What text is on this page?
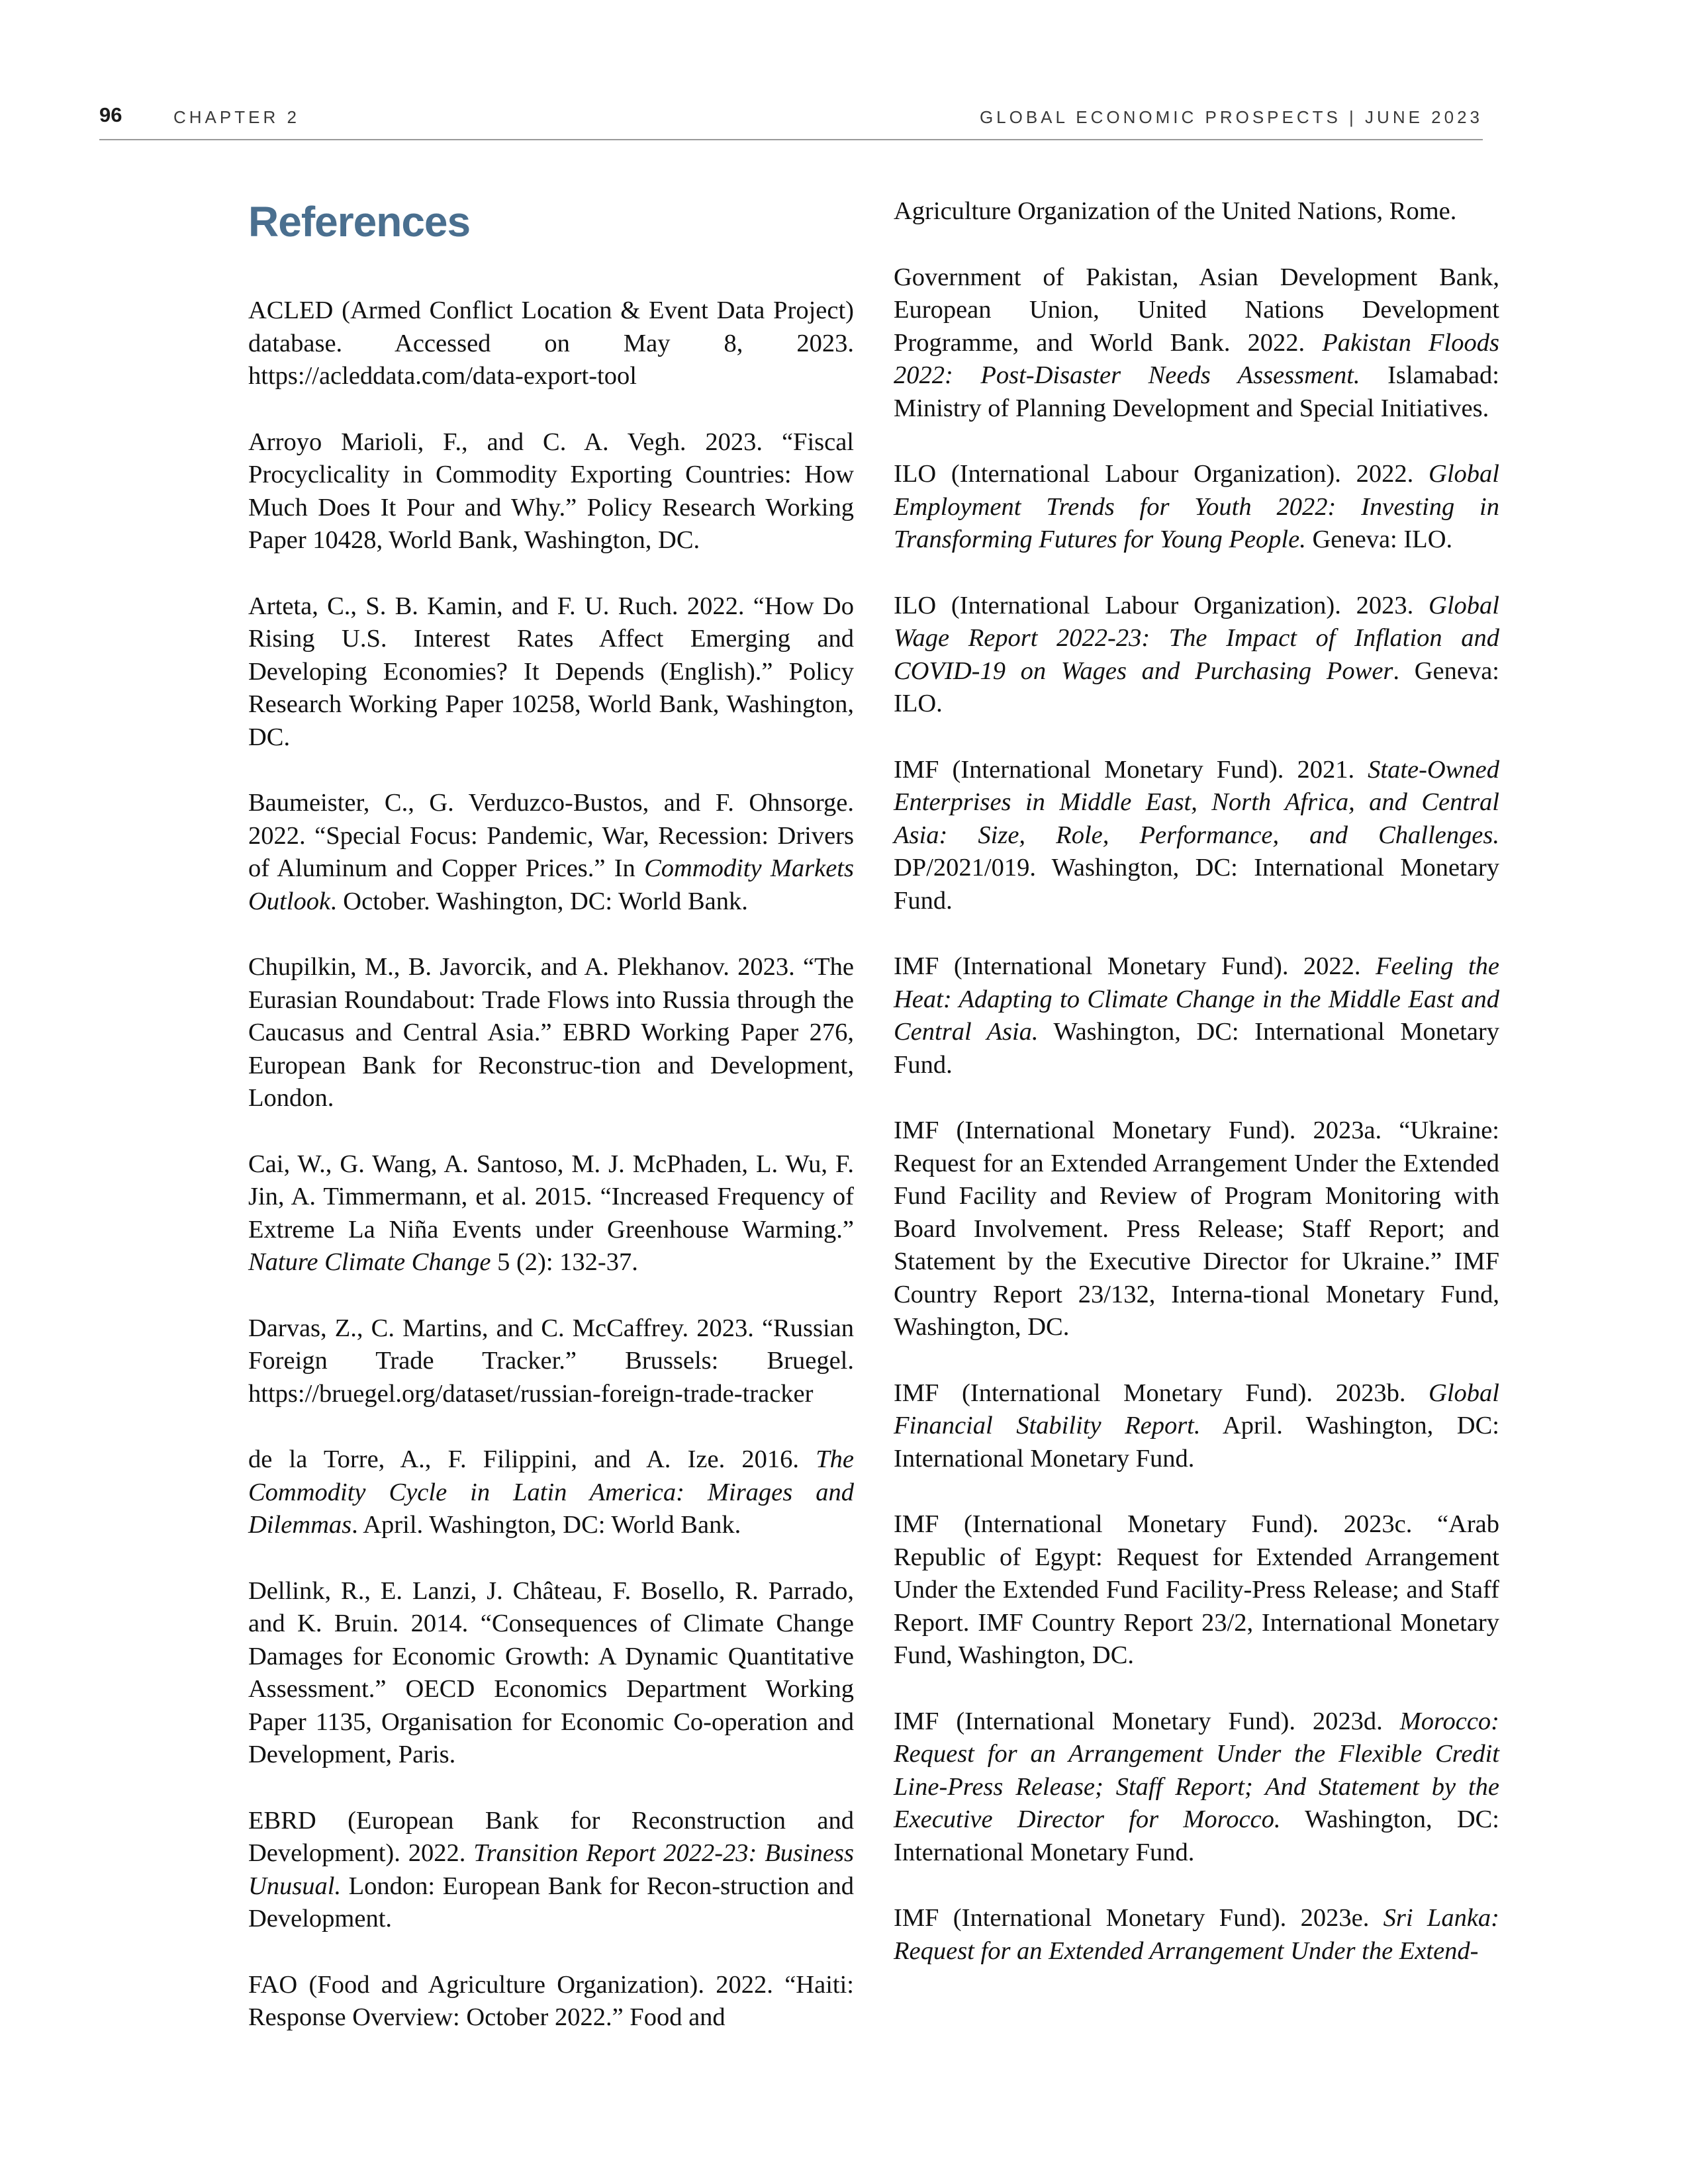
96	CHAPTER 2	GLOBAL ECONOMIC PROSPECTS | JUNE 2023
References

ACLED (Armed Conflict Location & Event Data Project) database. Accessed on May 8, 2023. https://acleddata.com/data-export-tool

Arroyo Marioli, F., and C. A. Vegh. 2023. “Fiscal Procyclicality in Commodity Exporting Countries: How Much Does It Pour and Why.” Policy Research Working Paper 10428, World Bank, Washington, DC.

Arteta, C., S. B. Kamin, and F. U. Ruch. 2022. “How Do Rising U.S. Interest Rates Affect Emerging and Developing Economies? It Depends (English).” Policy Research Working Paper 10258, World Bank, Washington, DC.

Baumeister, C., G. Verduzco-Bustos, and F. Ohnsorge. 2022. “Special Focus: Pandemic, War, Recession: Drivers of Aluminum and Copper Prices.” In Commodity Markets Outlook. October. Washington, DC: World Bank.

Chupilkin, M., B. Javorcik, and A. Plekhanov. 2023. “The Eurasian Roundabout: Trade Flows into Russia through the Caucasus and Central Asia.” EBRD Working Paper 276, European Bank for Reconstruc-tion and Development, London.

Cai, W., G. Wang, A. Santoso, M. J. McPhaden, L. Wu, F. Jin, A. Timmermann, et al. 2015. “Increased Frequency of Extreme La Niña Events under Greenhouse Warming.” Nature Climate Change 5 (2): 132-37.

Darvas, Z., C. Martins, and C. McCaffrey. 2023. “Russian Foreign Trade Tracker.” Brussels: Bruegel. https://bruegel.org/dataset/russian-foreign-trade-tracker

de la Torre, A., F. Filippini, and A. Ize. 2016. The Commodity Cycle in Latin America: Mirages and Dilemmas. April. Washington, DC: World Bank.

Dellink, R., E. Lanzi, J. Château, F. Bosello, R. Parrado, and K. Bruin. 2014. “Consequences of Climate Change Damages for Economic Growth: A Dynamic Quantitative Assessment.” OECD Economics Department Working Paper 1135, Organisation for Economic Co-operation and Development, Paris.

EBRD (European Bank for Reconstruction and Development). 2022. Transition Report 2022-23: Business Unusual. London: European Bank for Recon-struction and Development.

FAO (Food and Agriculture Organization). 2022. “Haiti: Response Overview: October 2022.” Food and

Agriculture Organization of the United Nations, Rome.

Government of Pakistan, Asian Development Bank, European Union, United Nations Development Programme, and World Bank. 2022. Pakistan Floods 2022: Post-Disaster Needs Assessment. Islamabad: Ministry of Planning Development and Special Initiatives.

ILO (International Labour Organization). 2022. Global Employment Trends for Youth 2022: Investing in Transforming Futures for Young People. Geneva: ILO.

ILO (International Labour Organization). 2023. Global Wage Report 2022-23: The Impact of Inflation and COVID-19 on Wages and Purchasing Power. Geneva: ILO.

IMF (International Monetary Fund). 2021. State-Owned Enterprises in Middle East, North Africa, and Central Asia: Size, Role, Performance, and Challenges. DP/2021/019. Washington, DC: International Monetary Fund.

IMF (International Monetary Fund). 2022. Feeling the Heat: Adapting to Climate Change in the Middle East and Central Asia. Washington, DC: International Monetary Fund.

IMF (International Monetary Fund). 2023a. “Ukraine: Request for an Extended Arrangement Under the Extended Fund Facility and Review of Program Monitoring with Board Involvement. Press Release; Staff Report; and Statement by the Executive Director for Ukraine.” IMF Country Report 23/132, Interna-tional Monetary Fund, Washington, DC.

IMF (International Monetary Fund). 2023b. Global Financial Stability Report. April. Washington, DC: International Monetary Fund.

IMF (International Monetary Fund). 2023c. “Arab Republic of Egypt: Request for Extended Arrangement Under the Extended Fund Facility-Press Release; and Staff Report. IMF Country Report 23/2, International Monetary Fund, Washington, DC.

IMF (International Monetary Fund). 2023d. Morocco: Request for an Arrangement Under the Flexible Credit Line-Press Release; Staff Report; And Statement by the Executive Director for Morocco. Washington, DC: International Monetary Fund.

IMF (International Monetary Fund). 2023e. Sri Lanka: Request for an Extended Arrangement Under the Extend-
